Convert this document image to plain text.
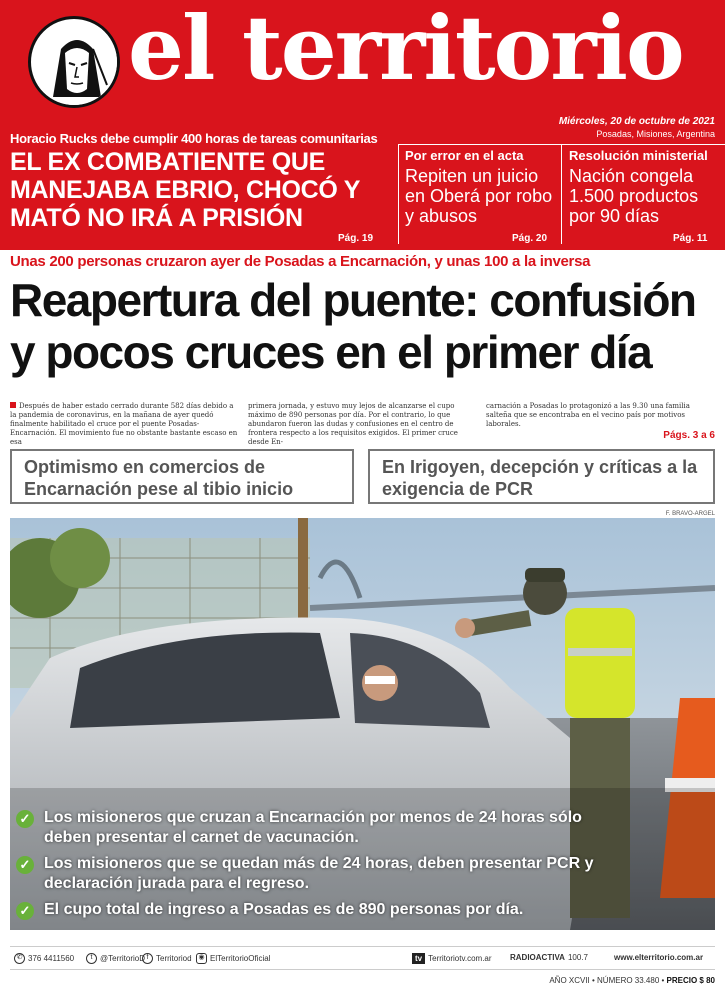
el territorio
Miércoles, 20 de octubre de 2021
Posadas, Misiones, Argentina
Horacio Rucks debe cumplir 400 horas de tareas comunitarias
EL EX COMBATIENTE QUE MANEJABA EBRIO, CHOCÓ Y MATÓ NO IRÁ A PRISIÓN
Pág. 19
Por error en el acta
Repiten un juicio en Oberá por robo y abusos
Pág. 20
Resolución ministerial
Nación congela 1.500 productos por 90 días
Pág. 11
Unas 200 personas cruzaron ayer de Posadas a Encarnación, y unas 100 a la inversa
Reapertura del puente: confusión y pocos cruces en el primer día
Después de haber estado cerrado durante 582 días debido a la pandemia de coronavirus, en la mañana de ayer quedó finalmente habilitado el cruce por el puente Posadas-Encarnación. El movimiento fue no obstante bastante escaso en esa
primera jornada, y estuvo muy lejos de alcanzarse el cupo máximo de 890 personas por día. Por el contrario, lo que abundaron fueron las dudas y confusiones en el centro de frontera respecto a los requisitos exigidos. El primer cruce desde En-
carnación a Posadas lo protagonizó a las 9.30 una familia salteña que se encontraba en el vecino país por motivos laborales.
Págs. 3 a 6
Optimismo en comercios de Encarnación pese al tibio inicio
En Irigoyen, decepción y críticas a la exigencia de PCR
F. BRAVO-ARGEL
✓ Los misioneros que cruzan a Encarnación por menos de 24 horas sólo deben presentar el carnet de vacunación.
✓ Los misioneros que se quedan más de 24 horas, deben presentar PCR y declaración jurada para el regreso.
✓ El cupo total de ingreso a Posadas es de 890 personas por día.
✆ 376 4411560	t @TerritorioD f Territoriod ◉ ElTerritorioOficial	tv Territoriotv.com.ar RADIOACTIVA 100.7	www.elterritorio.com.ar
AÑO XCVII • NÚMERO 33.480 • PRECIO $ 80
